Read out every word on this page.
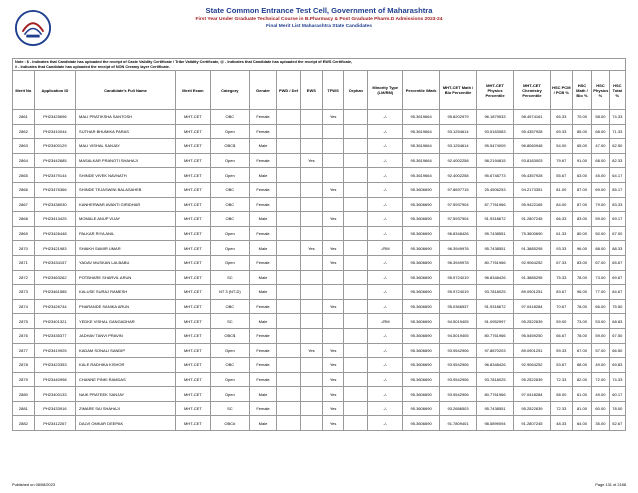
State Common Entrance Test Cell, Government of Maharashtra
First Year Under Graduate Technical Course in B.Pharmacy & Post Graduate Pharm.D Admissions 2023-24
Final Merit List Maharashtra State Candidates
Note : $ - Indicates that Candidate has uploaded the receipt of Caste Validity Certificate / Tribe Validity Certificate, @ - Indicates that Candidate has uploaded the receipt of EWS Certificate,
# - Indicates that Candidate has uploaded the receipt of NON Creamy layer Certificate.
Merit No	Application ID	Candidate's Full Name	Merit Exam	Category	Gender	PWD / Def	EWS	TFWS	Orphan	Minority Type (LM/RM)	Percentile /Mark	MHT-CET Math / Bio Percentile	MHT-CET Physics Percentile	MHT-CET Chemistry Percentile	HSC PCM / PCB %	HSC Math / Bio %	HSC Physics %	HSC Total %
2861	PH23425696	MALI PRATIKSHA SANTOSH	MHT-CET	OBC	Female			Yes		-/-	95.3619664	95.8202979	96.1879533	98.4974161	65.33	70.00	58.00	74.33
2862	PH23410044	SUTHAR BHUMIKA PARAS	MHT-CET	Open	Female					-/-	95.3619664	93.1254614	93.5163083	95.4357928	69.33	85.00	68.00	71.33
2863	PH23400129	MALI VISHAL SANJAY	MHT-CET	OBC$	Male					-/-	95.3619664	93.1254614	95.5474009	96.8060948	54.00	65.00	47.00	62.50
2864	PH23442685	MASALKAR PRANOTI SHAHAJI	MHT-CET	Open	Female		Yes			-/-	95.3619664	92.4002258	98.2194815	93.8183003	79.67	91.00	68.00	82.33
2865	PH23479144	SHINDE VIVEK NAVNATH	MHT-CET	Open	Male					-/-	95.3619664	92.4002258	95.6748773	95.4357928	55.67	63.00	45.00	64.17
2866	PH23476366	SHINDE TEJASWINI BALASAHEB	MHT-CET	OBC	Female			Yes		-/-	95.3606690	97.8697715	25.4506253	94.2173351	81.00	87.00	69.00	85.17
2867	PH23438030	KANHERWAR AVANTI GIRIDHAR	MHT-CET	OBC	Female					-/-	95.3606690	97.5937904	87.7761966	95.9422165	84.00	87.00	79.00	83.33
2868	PH23413425	MOMALE ANUP VIJAY	MHT-CET	OBC	Male			Yes		-/-	95.3606690	97.5937904	91.9318672	91.2807245	66.33	83.00	59.00	69.17
2869	PH23426448	PALKAR RIYA ANIL	MHT-CET	Open	Female					-/-	95.3606690	96.8348426	95.7438551	75.3600690	61.33	80.00	50.00	67.00
2870	PH23421983	SHAIKH SAMIR UMAR	MHT-CET	Open	Male		Yes	Yes		-/RM	95.3606690	96.3949978	95.7438551	91.3885295	93.33	96.00	88.00	88.33
2871	PH23434157	YADAV MUSKAN LALBABU	MHT-CET	Open	Female			Yes		-/-	95.3606690	96.3949978	80.7761966	92.9064252	67.33	83.00	67.00	65.67
2872	PH23463262	POTBHARE SHARVIL ARUN	MHT-CET	SC	Male					-/-	95.3606690	95.9724019	96.8348426	91.3885295	75.33	78.00	73.00	69.67
2873	PH23461585	KALUSE SURAJ RAMESH	MHT-CET	NT 3 (NT-D)	Male					-/-	95.3606690	95.9724019	93.7818025	89.0901251	83.67	96.00	77.00	84.67
2874	PH23426744	PHARANDE SANIKA ARUN	MHT-CET	OBC	Female			Yes		-/-	95.3606690	95.0366537	91.9318672	97.0418284	70.67	78.00	66.00	75.50
2875	PH23401321	YEDKE VISHAL GANGADHAR	MHT-CET	SC	Male					-/RM	95.3606690	94.5019405	91.0952997	95.2522639	59.00	73.00	53.00	68.83
2876	PH23435377	JADHAV TANVI PRAVIN	MHT-CET	OBC$	Female					-/-	95.3606690	94.5019405	80.7761966	96.5459250	66.67	78.00	59.00	67.50
2877	PH23419925	KADAM SONALI SANDIP	MHT-CET	Open	Female		Yes	Yes		-/-	95.3606690	93.9542906	97.8870203	89.0901251	59.33	67.00	57.00	66.50
2878	PH23423353	KALE RADHIKA KISHOR	MHT-CET	OBC	Female			Yes		-/-	95.3606690	93.9542906	96.8348426	92.9064252	53.67	68.00	49.00	69.83
2879	PH23440998	CHANNE PINKI RAMDAS	MHT-CET	Open	Female			Yes		-/-	95.3606690	93.9542906	93.7818025	95.2522639	72.33	82.00	72.00	74.33
2880	PH23400133	NAIK PRATEEK SANJAY	MHT-CET	Open	Male			Yes		-/-	95.3606690	93.9542906	80.7761966	97.0418284	58.00	61.00	49.00	60.17
2881	PH23433916	ZIMARE SAI SHAHAJI	MHT-CET	SC	Female			Yes		-/-	95.3606690	93.2686503	95.7438551	95.2522639	72.33	81.00	60.00	78.00
2882	PH23412267	DALVI OMKAR DEEPAK	MHT-CET	OBC#	Male			Yes		-/-	95.3606690	91.7809401	98.5899094	91.2807245	48.33	64.00	35.00	52.67
Published on 08/08/2023	Page 131 of 2188
